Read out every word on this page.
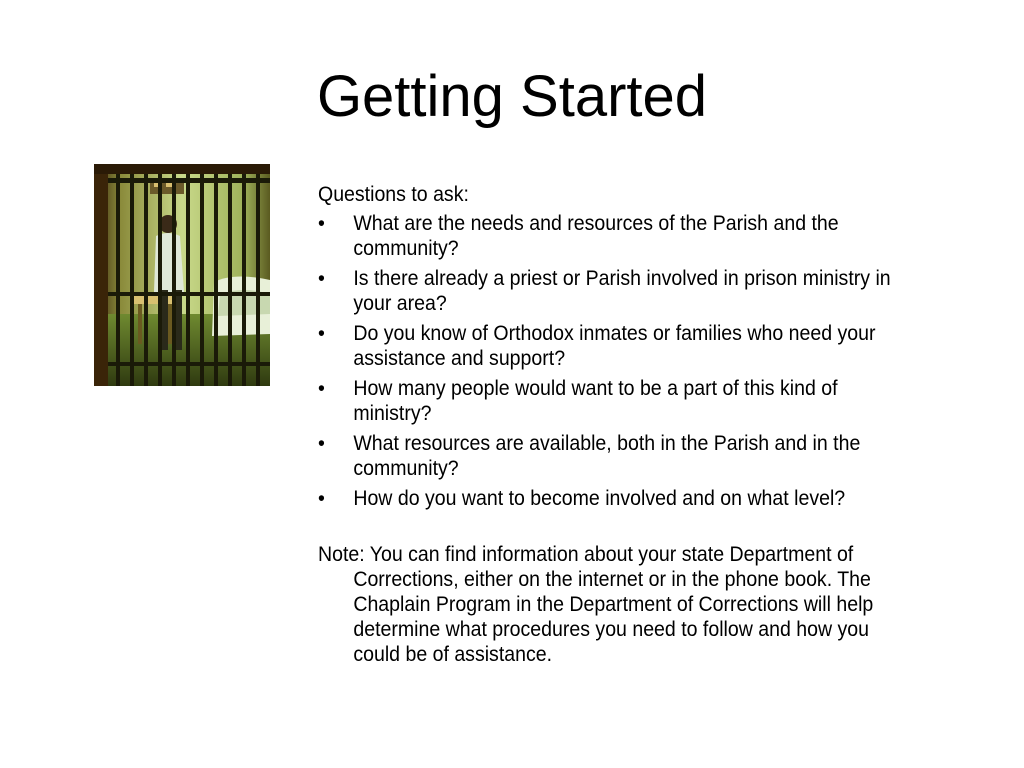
Getting Started

Questions to ask:

• What are the needs and resources of the Parish and the community?
• Is there already a priest or Parish involved in prison ministry in your area?
• Do you know of Orthodox inmates or families who need your assistance and support?
• How many people would want to be a part of this kind of ministry?
• What resources are available, both in the Parish and in the community?
• How do you want to become involved and on what level?

Note: You can find information about your state Department of Corrections, either on the internet or in the phone book. The Chaplain Program in the Department of Corrections will help determine what procedures you need to follow and how you could be of assistance.
